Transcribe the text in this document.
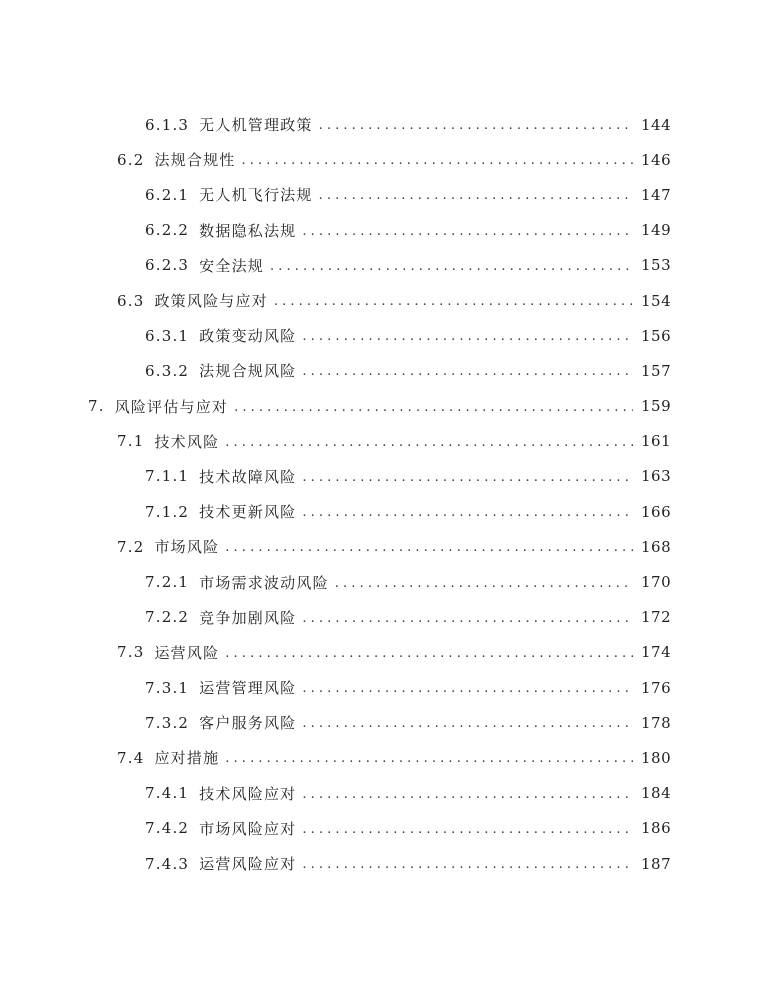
6.1.3 无人机管理政策 . . .	144
6.2 法规合规性 . . .	146
6.2.1 无人机飞行法规 . . .	147
6.2.2 数据隐私法规 . . .	149
6.2.3 安全法规 . . .	153
6.3 政策风险与应对 . . .	154
6.3.1 政策变动风险 . . .	156
6.3.2 法规合规风险 . . .	157
7. 风险评估与应对 . . .	159
7.1 技术风险 . . .	161
7.1.1 技术故障风险 . . .	163
7.1.2 技术更新风险 . . .	166
7.2 市场风险 . . .	168
7.2.1 市场需求波动风险 . . .	170
7.2.2 竞争加剧风险 . . .	172
7.3 运营风险 . . .	174
7.3.1 运营管理风险 . . .	176
7.3.2 客户服务风险 . . .	178
7.4 应对措施 . . .	180
7.4.1 技术风险应对 . . .	184
7.4.2 市场风险应对 . . .	186
7.4.3 运营风险应对 . . .	187
